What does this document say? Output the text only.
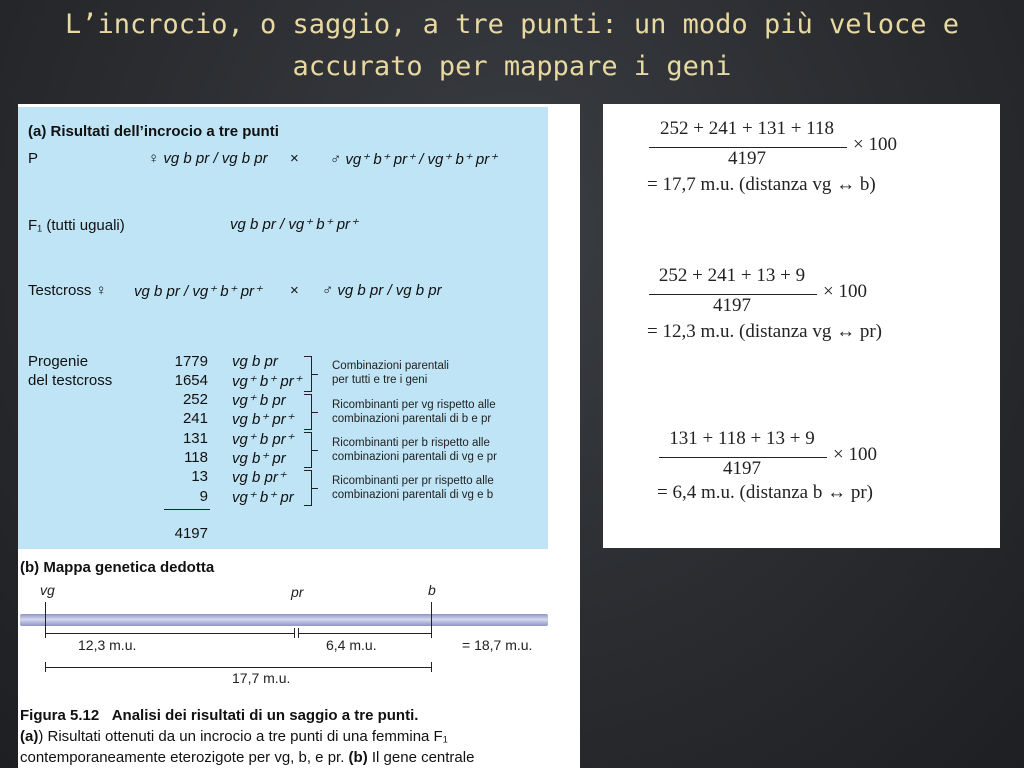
L’incrocio, o saggio, a tre punti: un modo più veloce e
accurato per mappare i geni
(a) Risultati dell’incrocio a tre punti
P	♀ vg b pr / vg b pr × ♂ vg⁺ b⁺ pr⁺ / vg⁺ b⁺ pr⁺
F₁ (tutti uguali)	vg b pr / vg⁺ b⁺ pr⁺
Testcross ♀ vg b pr / vg⁺ b⁺ pr⁺ × ♂ vg b pr / vg b pr
Progenie
del testcross
1779 vg b pr
1654 vg⁺ b⁺ pr⁺
252 vg⁺ b pr
241 vg b⁺ pr⁺
131 vg⁺ b pr⁺
118 vg b⁺ pr
13 vg b pr⁺
9 vg⁺ b⁺ pr
4197
Combinazioni parentali
per tutti e tre i geni
Ricombinanti per vg rispetto alle
combinazioni parentali di b e pr
Ricombinanti per b rispetto alle
combinazioni parentali di vg e pr
Ricombinanti per pr rispetto alle
combinazioni parentali di vg e b
(b) Mappa genetica dedotta
vg	pr	b
12,3 m.u.	6,4 m.u.	= 18,7 m.u.
17,7 m.u.
Figura 5.12 Analisi dei risultati di un saggio a tre punti.
(a)) Risultati ottenuti da un incrocio a tre punti di una femmina F₁
contemporaneamente eterozigote per vg, b, e pr. (b) Il gene centrale
252 + 241 + 131 + 118
4197
× 100
= 17,7 m.u. (distanza vg ↔ b)
252 + 241 + 13 + 9
4197
× 100
= 12,3 m.u. (distanza vg ↔ pr)
131 + 118 + 13 + 9
4197
× 100
= 6,4 m.u. (distanza b ↔ pr)
